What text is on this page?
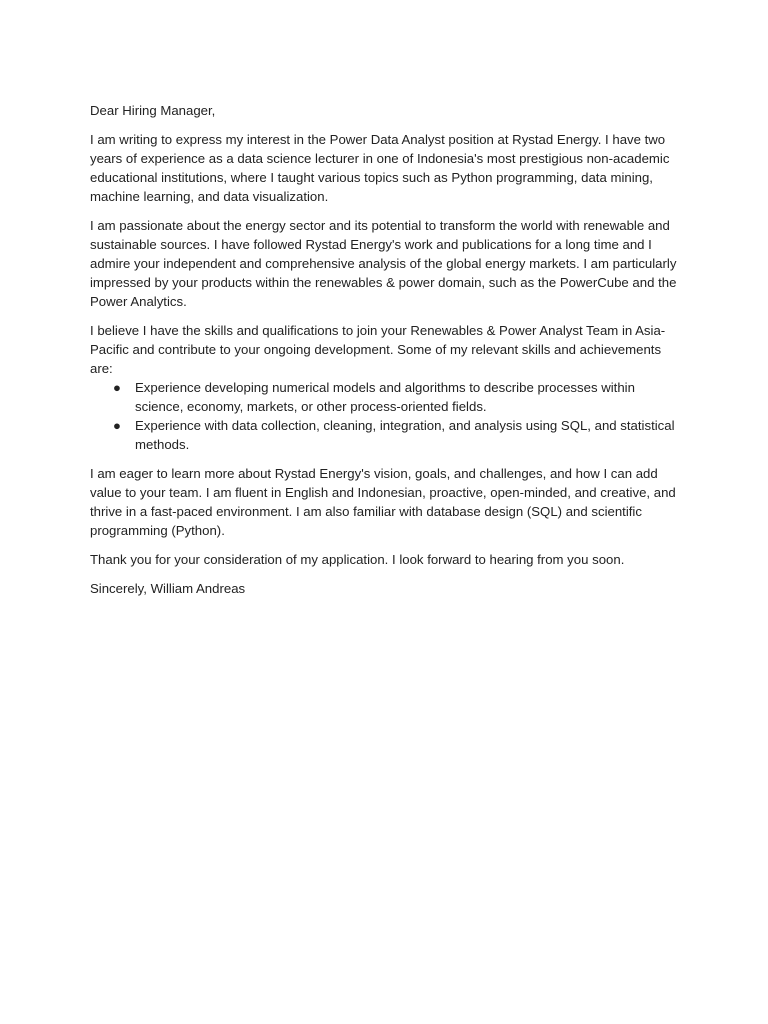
Dear Hiring Manager,

I am writing to express my interest in the Power Data Analyst position at Rystad Energy. I have two years of experience as a data science lecturer in one of Indonesia's most prestigious non-academic educational institutions, where I taught various topics such as Python programming, data mining, machine learning, and data visualization.

I am passionate about the energy sector and its potential to transform the world with renewable and sustainable sources. I have followed Rystad Energy's work and publications for a long time and I admire your independent and comprehensive analysis of the global energy markets. I am particularly impressed by your products within the renewables & power domain, such as the PowerCube and the Power Analytics.

I believe I have the skills and qualifications to join your Renewables & Power Analyst Team in Asia-Pacific and contribute to your ongoing development. Some of my relevant skills and achievements are:

● Experience developing numerical models and algorithms to describe processes within science, economy, markets, or other process-oriented fields.
● Experience with data collection, cleaning, integration, and analysis using SQL, and statistical methods.

I am eager to learn more about Rystad Energy's vision, goals, and challenges, and how I can add value to your team. I am fluent in English and Indonesian, proactive, open-minded, and creative, and thrive in a fast-paced environment. I am also familiar with database design (SQL) and scientific programming (Python).

Thank you for your consideration of my application. I look forward to hearing from you soon.

Sincerely, William Andreas
